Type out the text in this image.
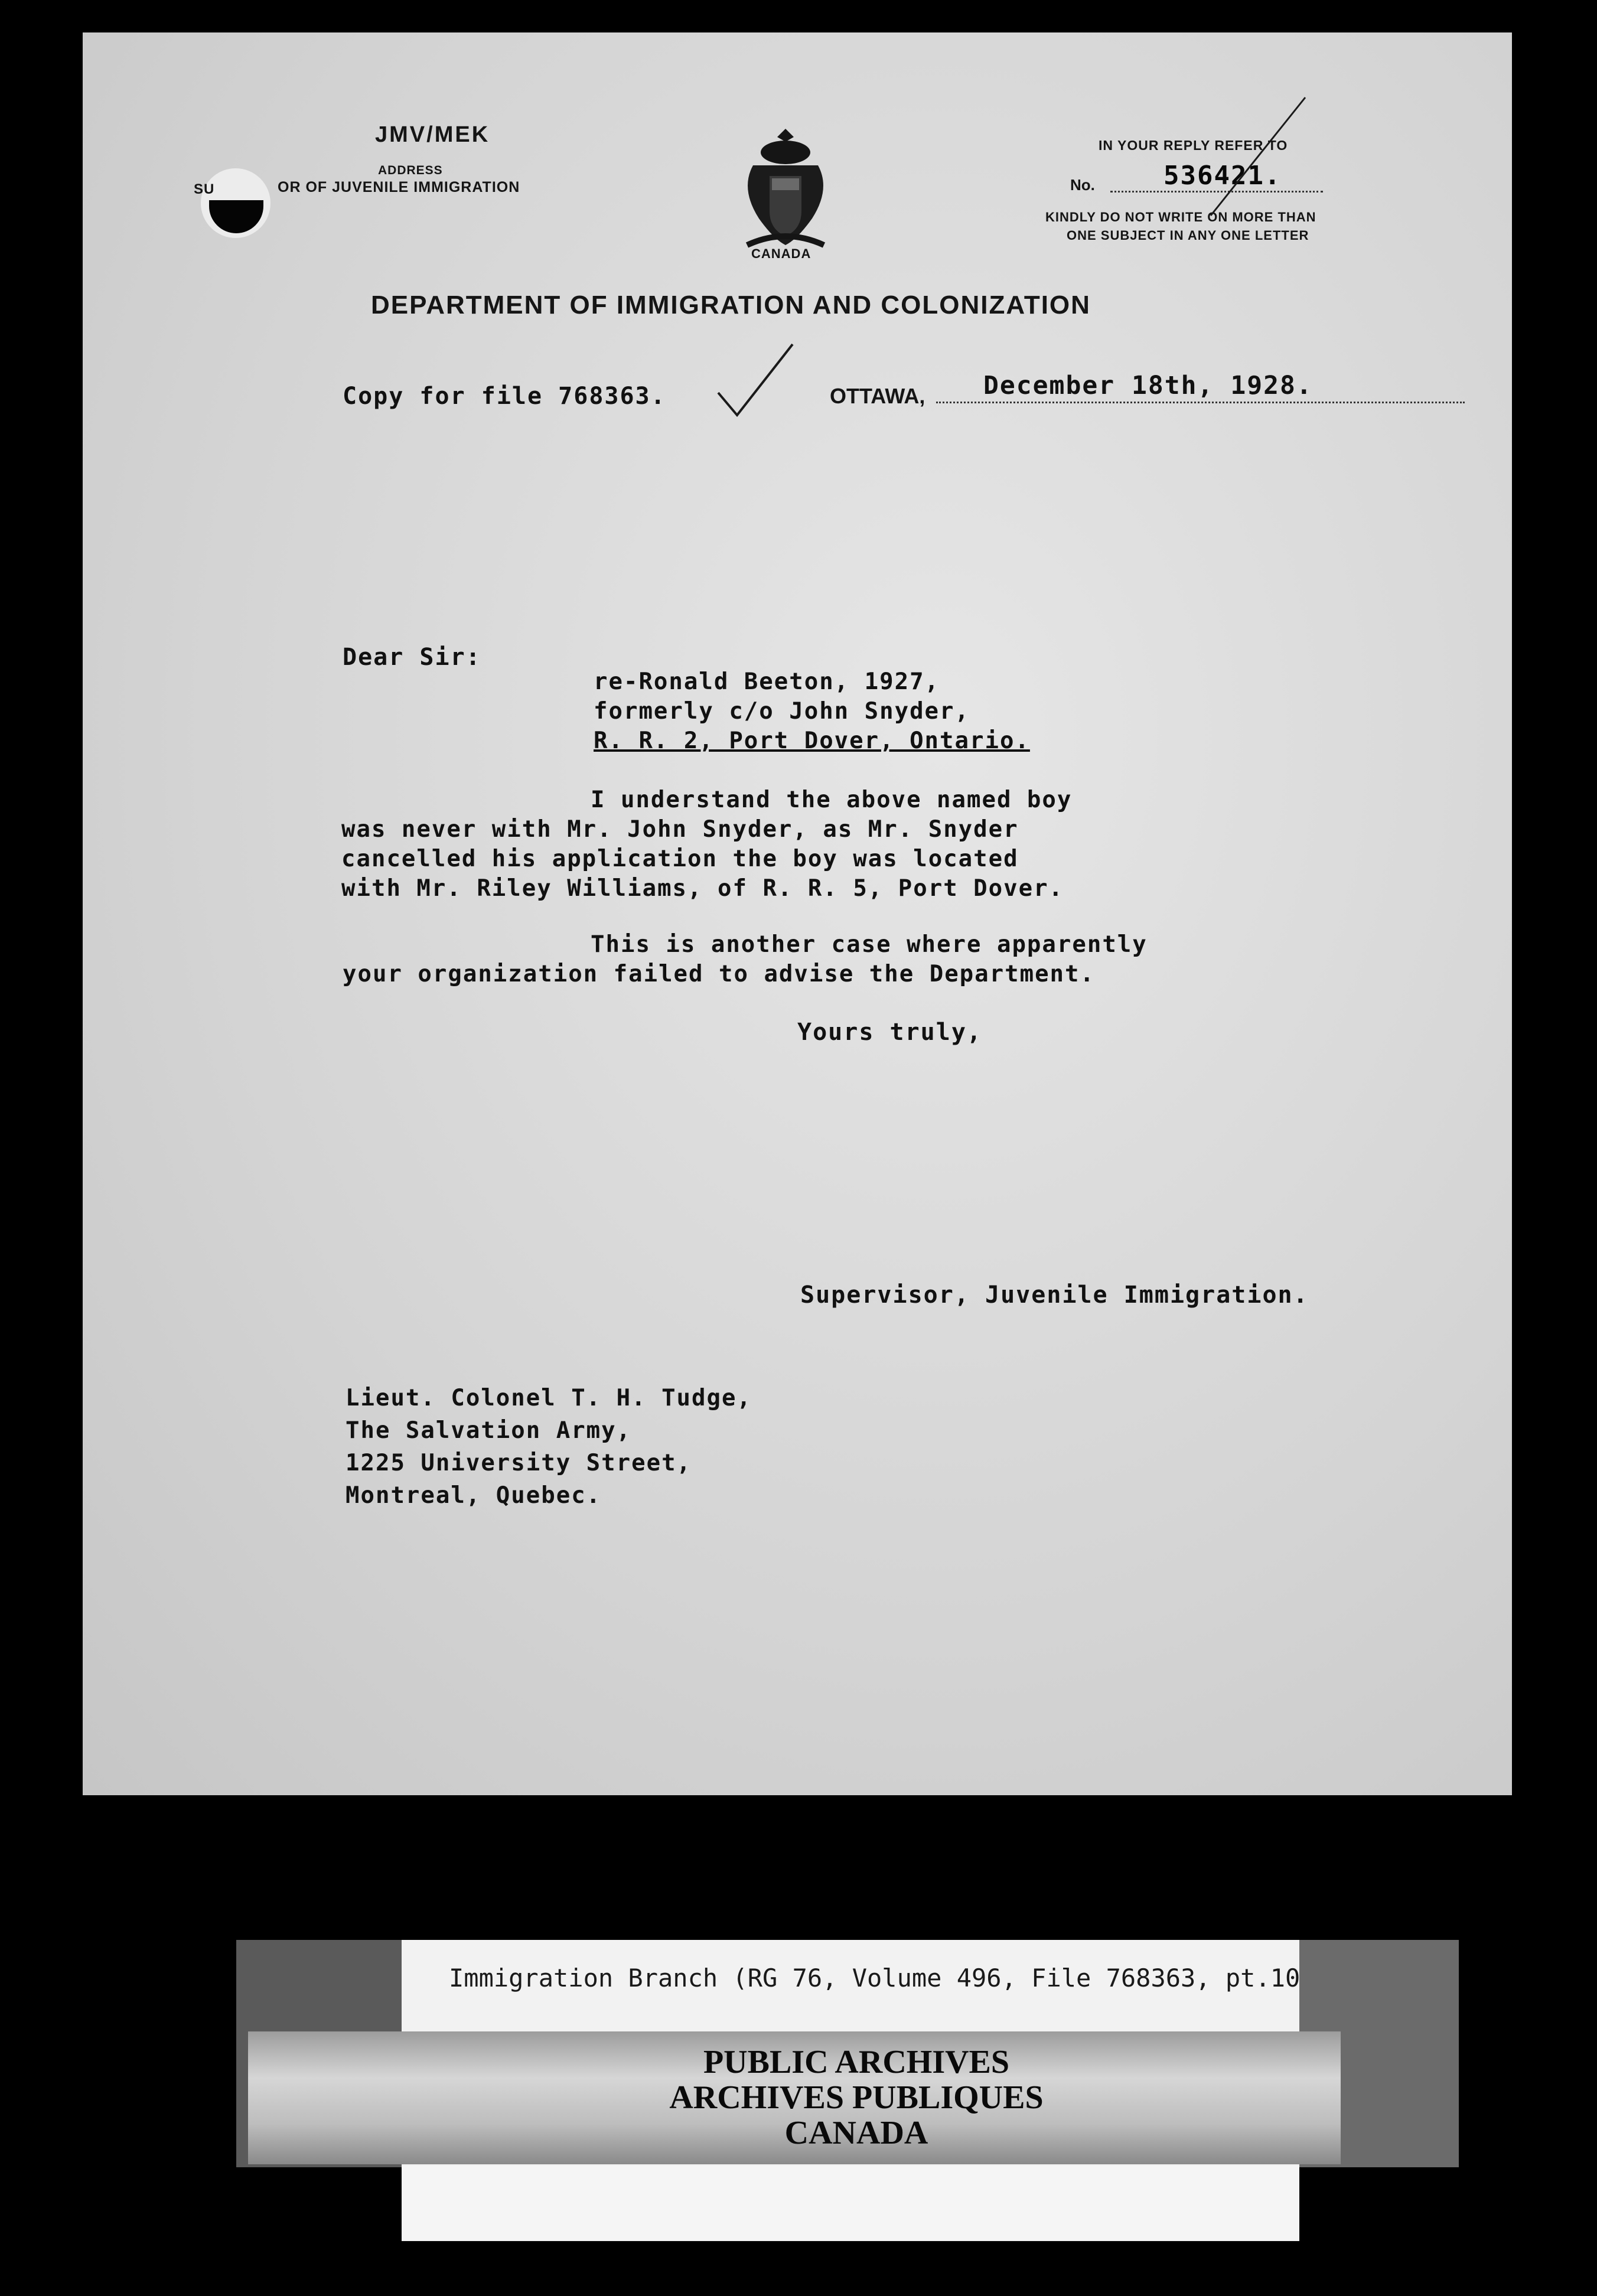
JMV/MEK
ADDRESS
SU	OR OF JUVENILE IMMIGRATION
CANADA
IN YOUR REPLY REFER TO
No.	536421.
KINDLY DO NOT WRITE ON MORE THAN
ONE SUBJECT IN ANY ONE LETTER
DEPARTMENT OF IMMIGRATION AND COLONIZATION
Copy for file 768363.	OTTAWA, December 18th, 1928.
Dear Sir:
re-Ronald Beeton, 1927,
formerly c/o John Snyder,
R. R. 2, Port Dover, Ontario.
I understand the above named boy
was never with Mr. John Snyder, as Mr. Snyder
cancelled his application the boy was located
with Mr. Riley Williams, of R. R. 5, Port Dover.
This is another case where apparently
your organization failed to advise the Department.
Yours truly,
Supervisor, Juvenile Immigration.
Lieut. Colonel T. H. Tudge,
The Salvation Army,
1225 University Street,
Montreal, Quebec.
Immigration Branch (RG 76, Volume 496, File 768363, pt.10
PUBLIC ARCHIVES
ARCHIVES PUBLIQUES
CANADA
